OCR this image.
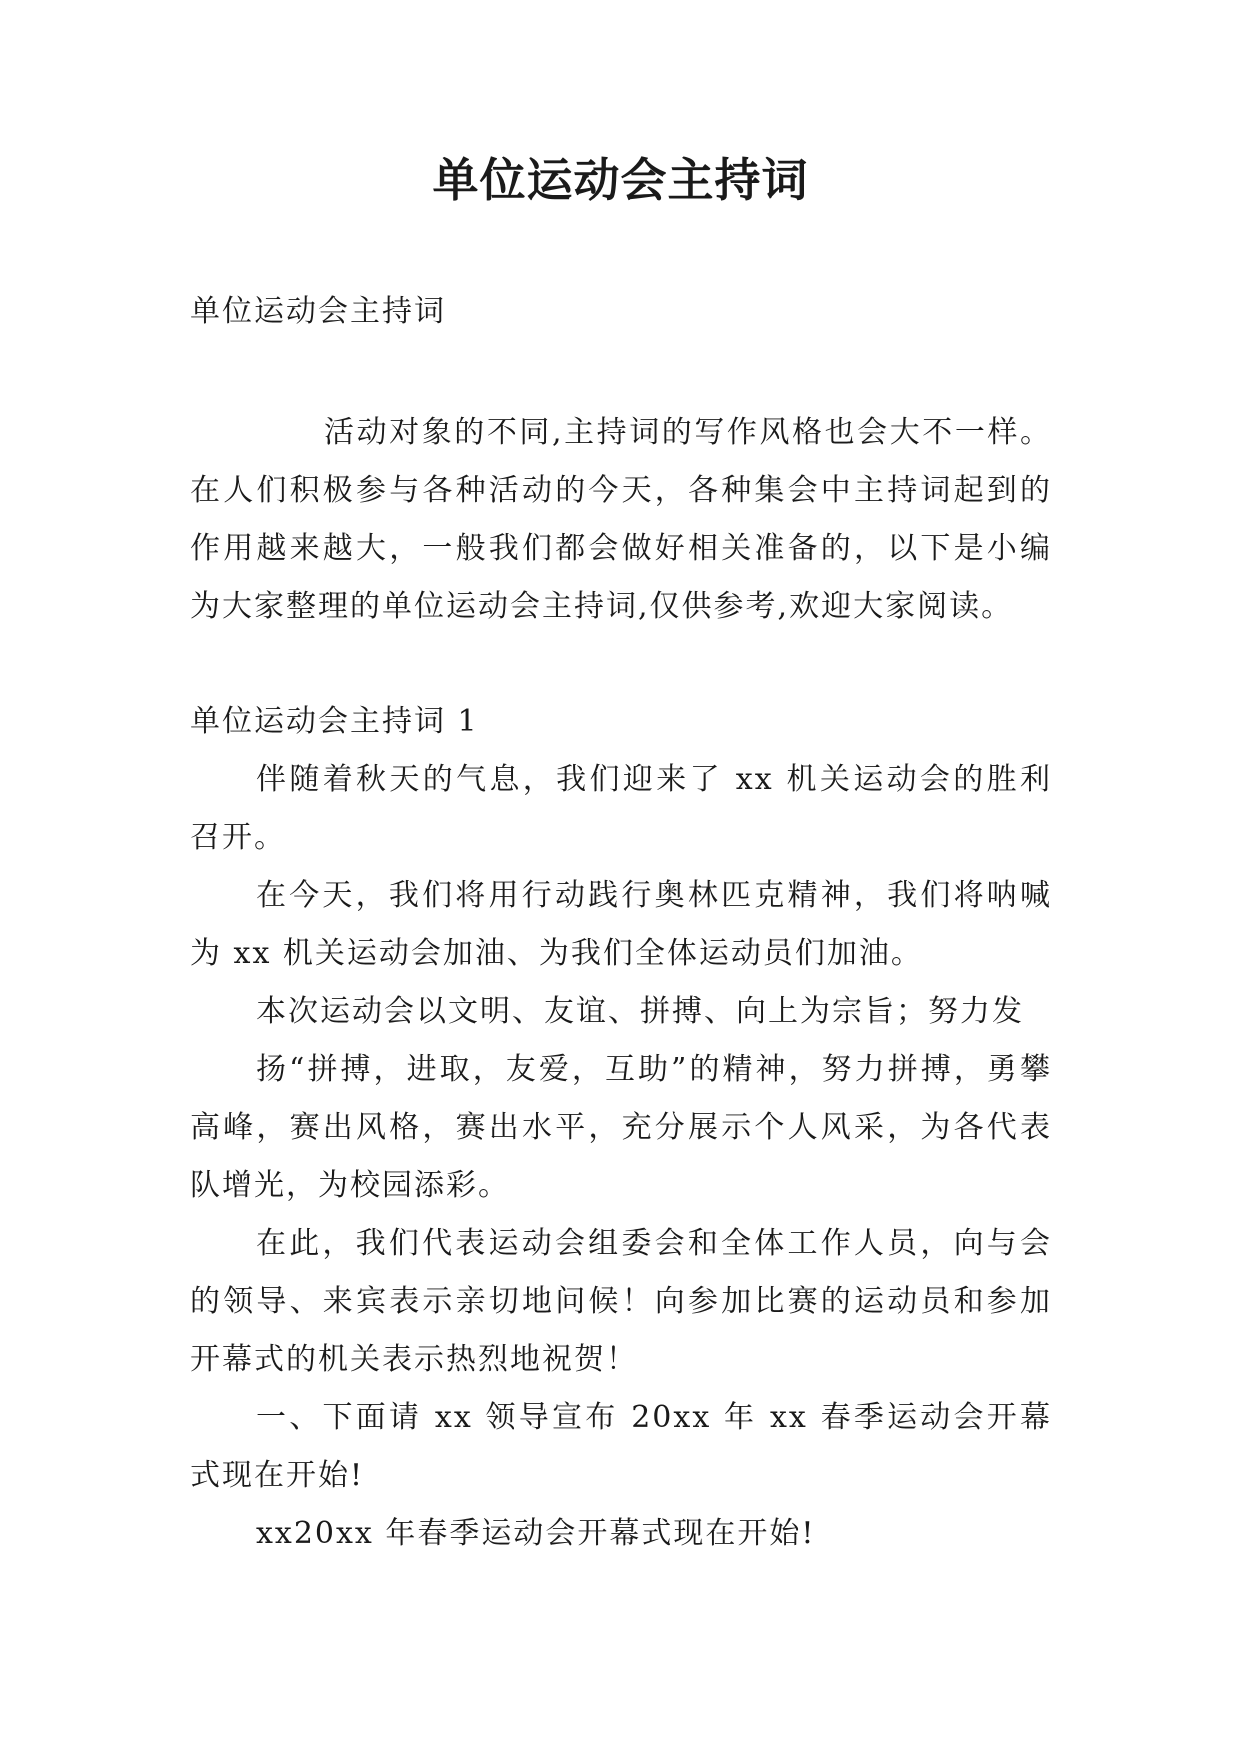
单位运动会主持词

单位运动会主持词

活动对象的不同,主持词的写作风格也会大不一样。在人们积极参与各种活动的今天，各种集会中主持词起到的作用越来越大，一般我们都会做好相关准备的，以下是小编为大家整理的单位运动会主持词,仅供参考,欢迎大家阅读。

单位运动会主持词 1

伴随着秋天的气息，我们迎来了 xx 机关运动会的胜利召开。

在今天，我们将用行动践行奥林匹克精神，我们将呐喊为 xx 机关运动会加油、为我们全体运动员们加油。

本次运动会以文明、友谊、拼搏、向上为宗旨；努力发

扬“拼搏，进取，友爱，互助”的精神，努力拼搏，勇攀高峰，赛出风格，赛出水平，充分展示个人风采，为各代表队增光，为校园添彩。

在此，我们代表运动会组委会和全体工作人员，向与会的领导、来宾表示亲切地问候！向参加比赛的运动员和参加开幕式的机关表示热烈地祝贺！

一、下面请 xx 领导宣布 20xx 年 xx 春季运动会开幕式现在开始!

xx20xx 年春季运动会开幕式现在开始!
